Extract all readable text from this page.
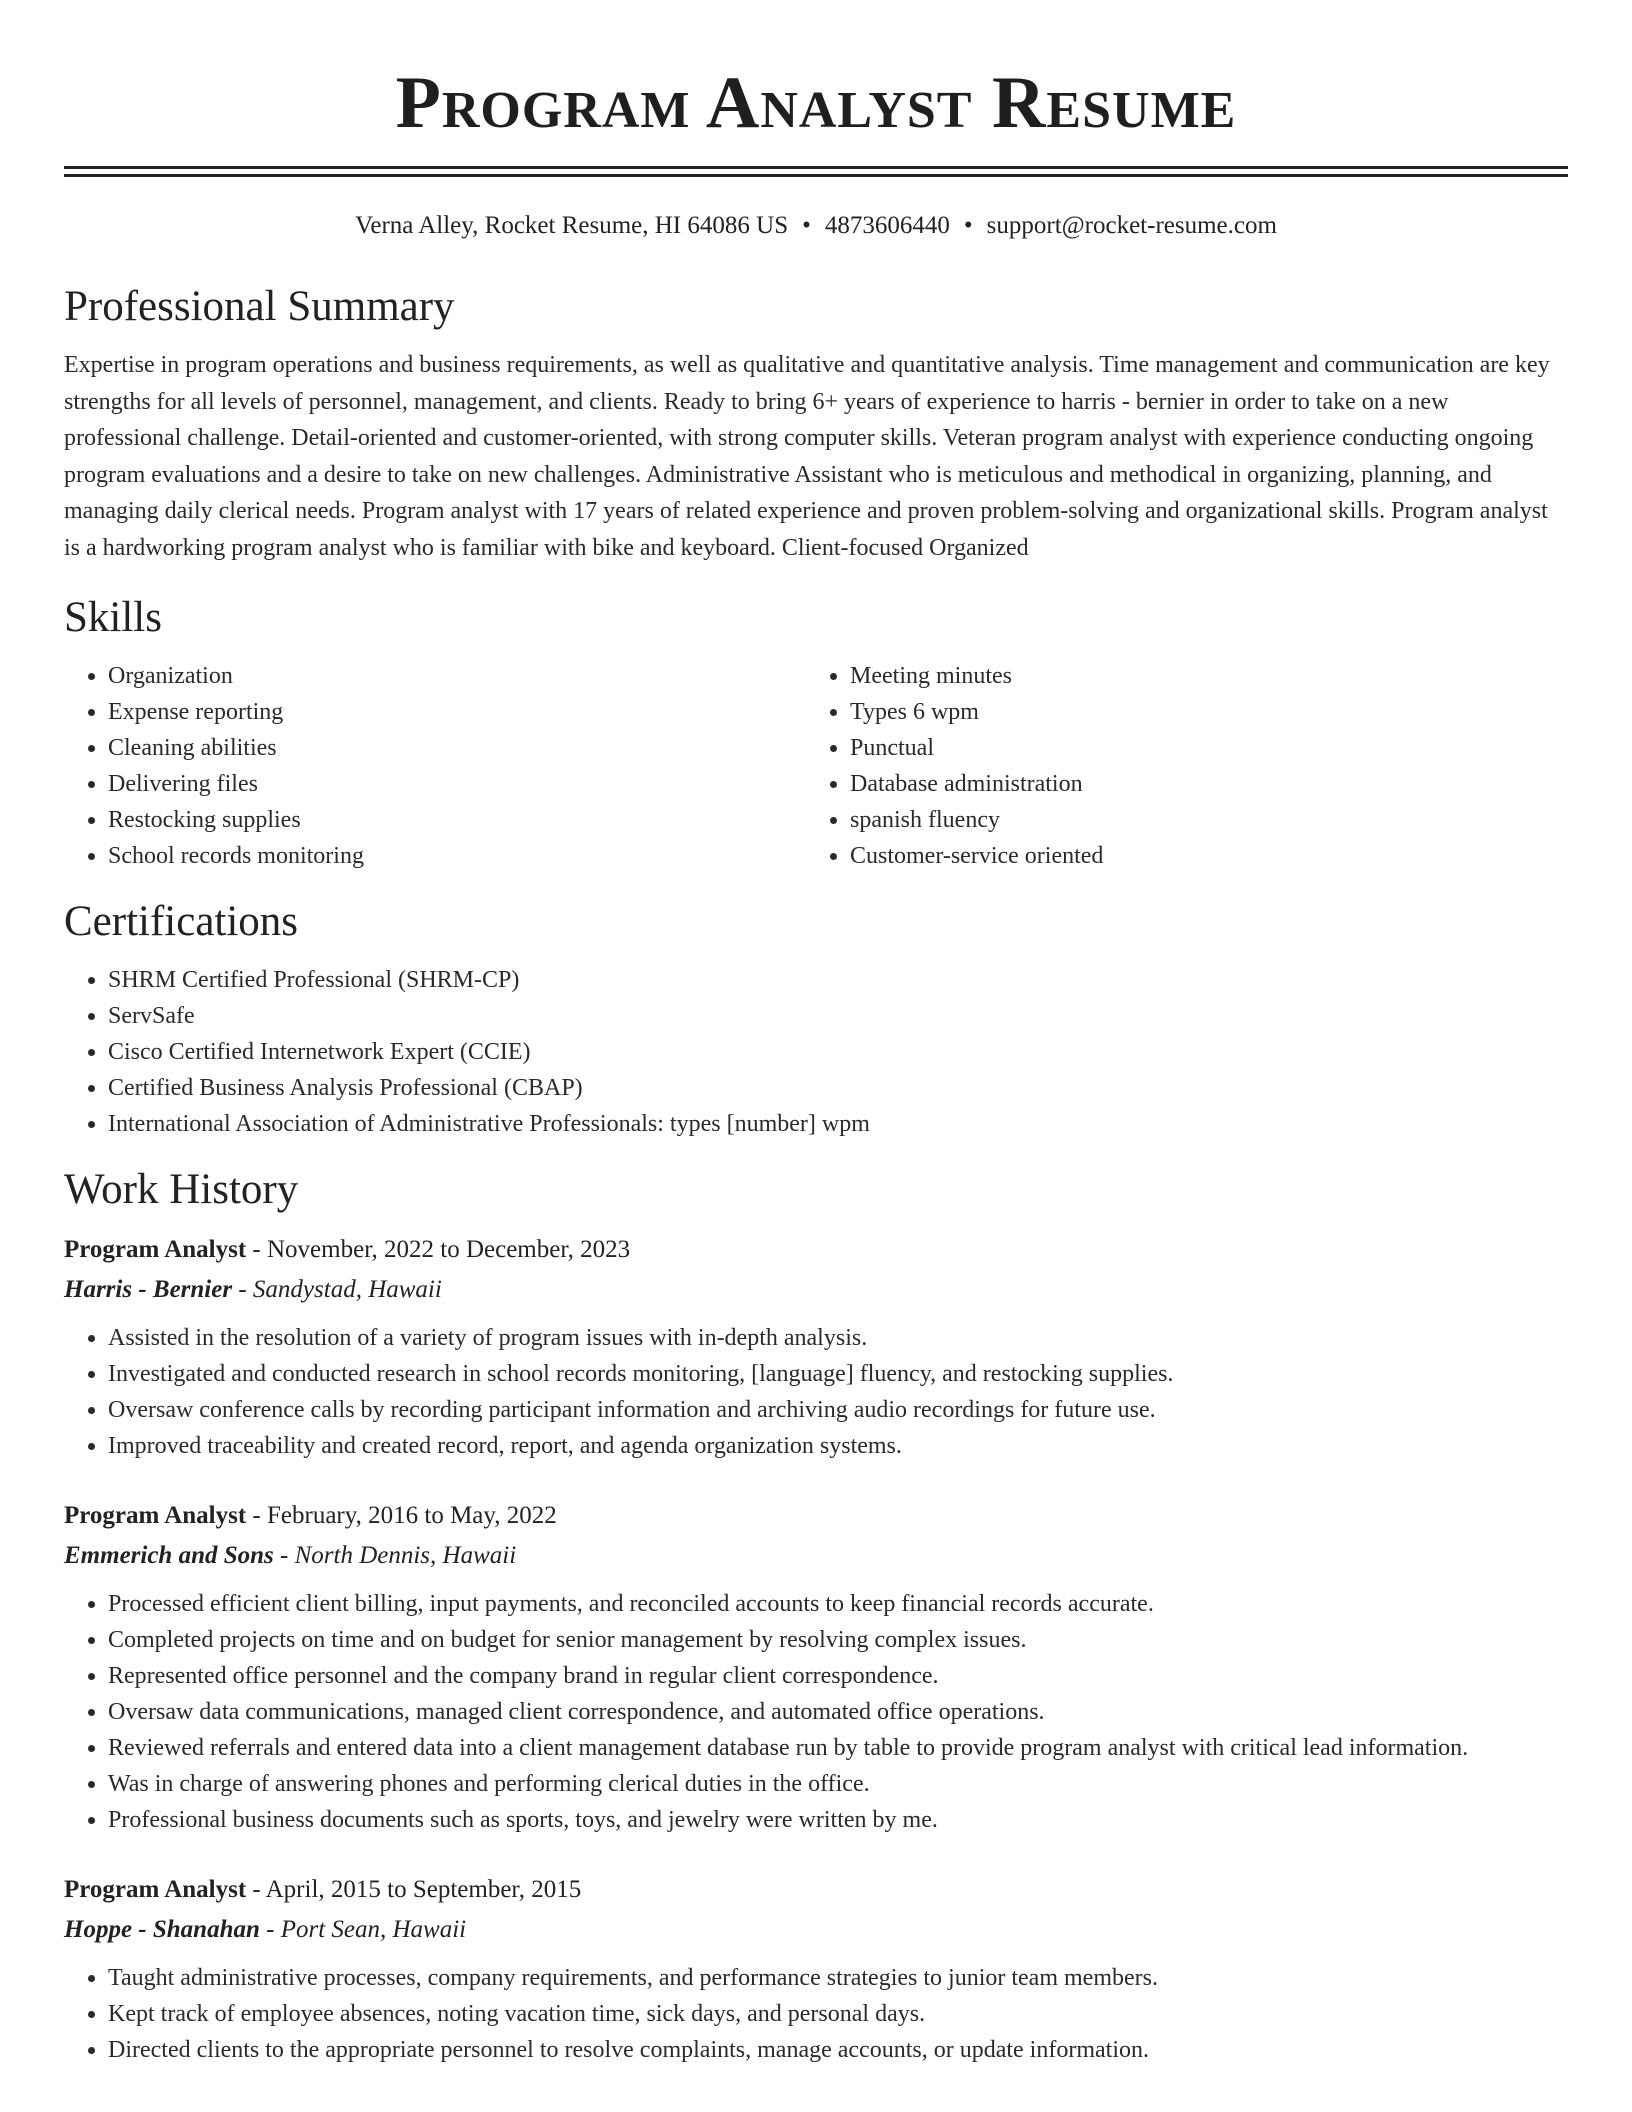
Program Analyst Resume
Verna Alley, Rocket Resume, HI 64086 US • 4873606440 • support@rocket-resume.com
Professional Summary
Expertise in program operations and business requirements, as well as qualitative and quantitative analysis. Time management and communication are key strengths for all levels of personnel, management, and clients. Ready to bring 6+ years of experience to harris - bernier in order to take on a new professional challenge. Detail-oriented and customer-oriented, with strong computer skills. Veteran program analyst with experience conducting ongoing program evaluations and a desire to take on new challenges. Administrative Assistant who is meticulous and methodical in organizing, planning, and managing daily clerical needs. Program analyst with 17 years of related experience and proven problem-solving and organizational skills. Program analyst is a hardworking program analyst who is familiar with bike and keyboard. Client-focused Organized
Skills
• Organization
• Expense reporting
• Cleaning abilities
• Delivering files
• Restocking supplies
• School records monitoring
• Meeting minutes
• Types 6 wpm
• Punctual
• Database administration
• spanish fluency
• Customer-service oriented
Certifications
• SHRM Certified Professional (SHRM-CP)
• ServSafe
• Cisco Certified Internetwork Expert (CCIE)
• Certified Business Analysis Professional (CBAP)
• International Association of Administrative Professionals: types [number] wpm
Work History
Program Analyst - November, 2022 to December, 2023
Harris - Bernier - Sandystad, Hawaii
• Assisted in the resolution of a variety of program issues with in-depth analysis.
• Investigated and conducted research in school records monitoring, [language] fluency, and restocking supplies.
• Oversaw conference calls by recording participant information and archiving audio recordings for future use.
• Improved traceability and created record, report, and agenda organization systems.
Program Analyst - February, 2016 to May, 2022
Emmerich and Sons - North Dennis, Hawaii
• Processed efficient client billing, input payments, and reconciled accounts to keep financial records accurate.
• Completed projects on time and on budget for senior management by resolving complex issues.
• Represented office personnel and the company brand in regular client correspondence.
• Oversaw data communications, managed client correspondence, and automated office operations.
• Reviewed referrals and entered data into a client management database run by table to provide program analyst with critical lead information.
• Was in charge of answering phones and performing clerical duties in the office.
• Professional business documents such as sports, toys, and jewelry were written by me.
Program Analyst - April, 2015 to September, 2015
Hoppe - Shanahan - Port Sean, Hawaii
• Taught administrative processes, company requirements, and performance strategies to junior team members.
• Kept track of employee absences, noting vacation time, sick days, and personal days.
• Directed clients to the appropriate personnel to resolve complaints, manage accounts, or update information.
